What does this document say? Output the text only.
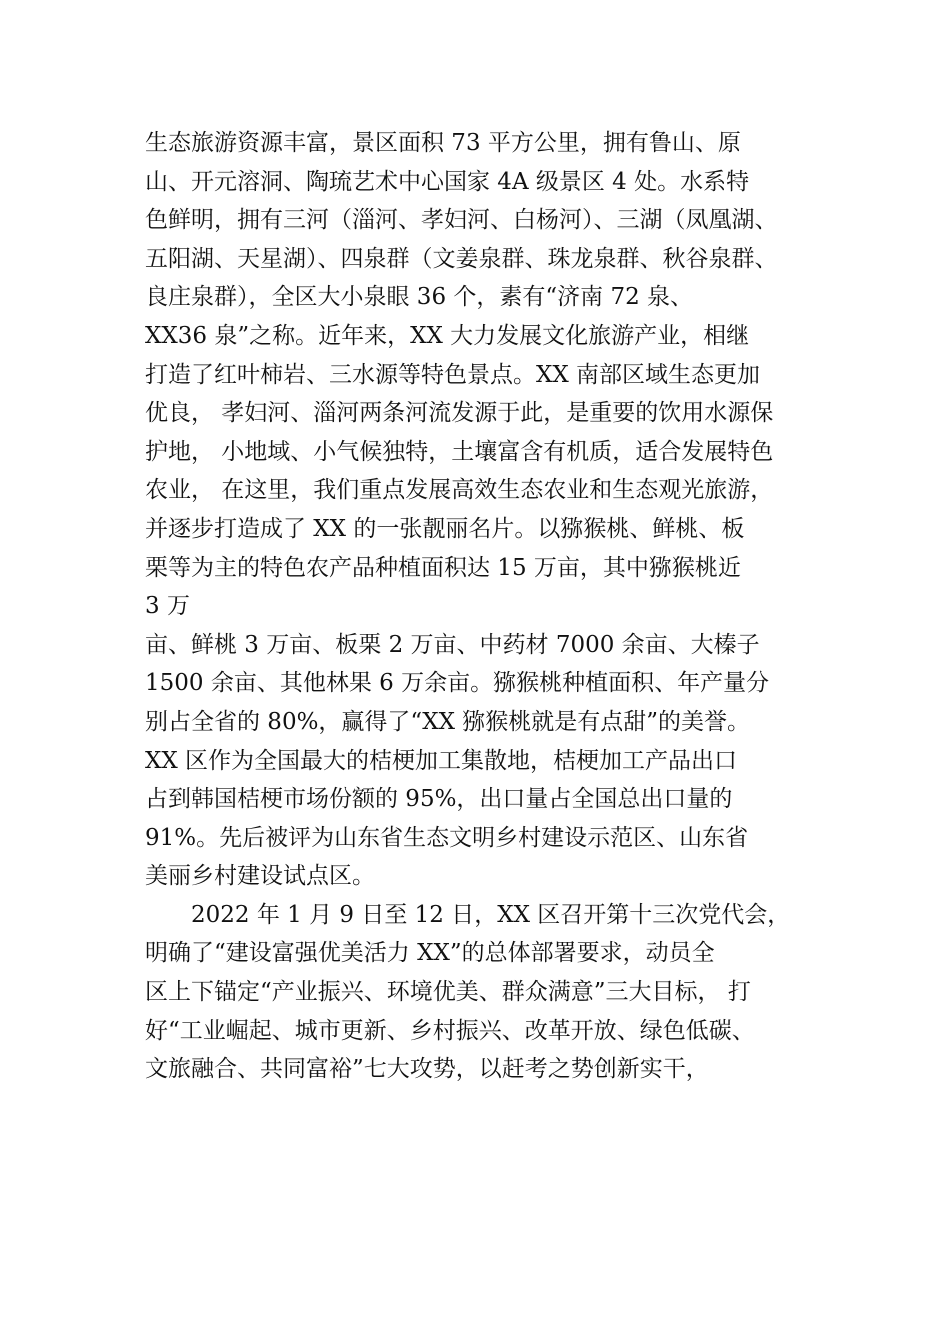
生态旅游资源丰富，景区面积 73 平方公里，拥有鲁山、原
山、开元溶洞、陶琉艺术中心国家 4A 级景区 4 处。水系特
色鲜明，拥有三河（淄河、孝妇河、白杨河）、三湖（凤凰湖、
五阳湖、天星湖）、四泉群（文姜泉群、珠龙泉群、秋谷泉群、
良庄泉群），全区大小泉眼 36 个，素有“济南 72 泉、
XX36 泉”之称。近年来，XX 大力发展文化旅游产业，相继
打造了红叶柿岩、三水源等特色景点。XX 南部区域生态更加
优良， 孝妇河、淄河两条河流发源于此，是重要的饮用水源保
护地， 小地域、小气候独特，土壤富含有机质，适合发展特色
农业， 在这里，我们重点发展高效生态农业和生态观光旅游，
并逐步打造成了 XX 的一张靓丽名片。以猕猴桃、鲜桃、板
栗等为主的特色农产品种植面积达 15 万亩，其中猕猴桃近
3 万
亩、鲜桃 3 万亩、板栗 2 万亩、中药材 7000 余亩、大榛子
1500 余亩、其他林果 6 万余亩。猕猴桃种植面积、年产量分
别占全省的 80%，赢得了“XX 猕猴桃就是有点甜”的美誉。
XX 区作为全国最大的桔梗加工集散地，桔梗加工产品出口
占到韩国桔梗市场份额的 95%，出口量占全国总出口量的
91%。先后被评为山东省生态文明乡村建设示范区、山东省
美丽乡村建设试点区。
2022 年 1 月 9 日至 12 日，XX 区召开第十三次党代会，
明确了“建设富强优美活力 XX”的总体部署要求，动员全
区上下锚定“产业振兴、环境优美、群众满意”三大目标， 打
好“工业崛起、城市更新、乡村振兴、改革开放、绿色低碳、
文旅融合、共同富裕”七大攻势，以赶考之势创新实干，
